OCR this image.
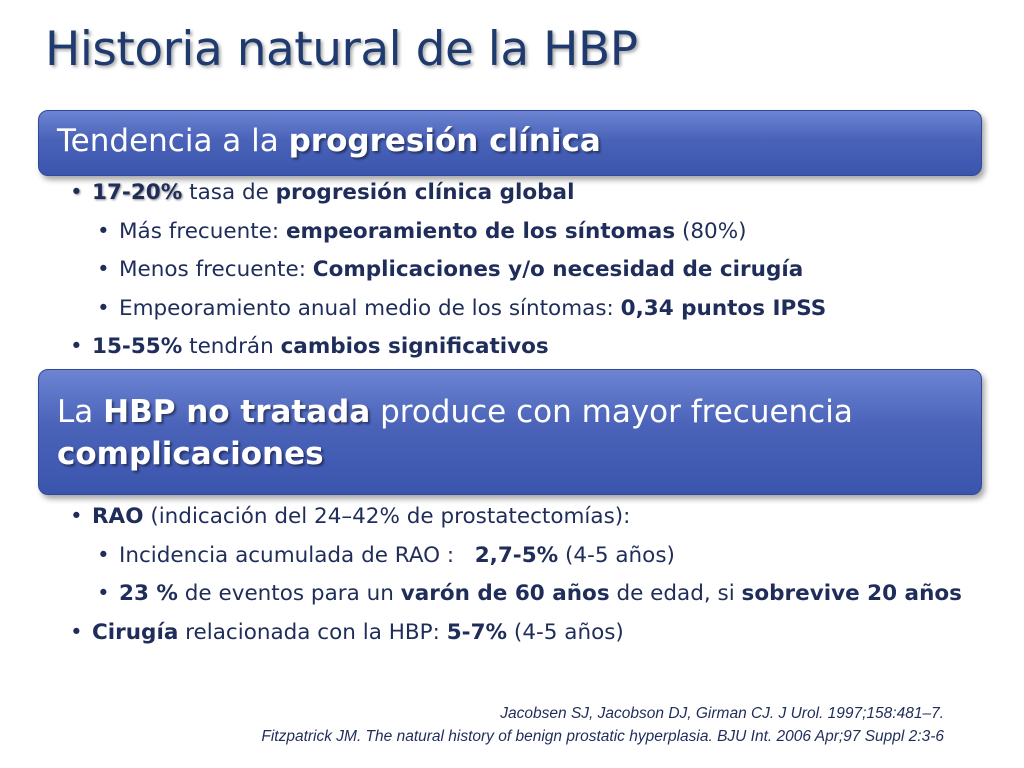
Historia natural de la HBP
Tendencia a la progresión clínica
• 17-20% tasa de progresión clínica global
• Más frecuente: empeoramiento de los síntomas (80%)
• Menos frecuente: Complicaciones y/o necesidad de cirugía
• Empeoramiento anual medio de los síntomas: 0,34 puntos IPSS
• 15-55% tendrán cambios significativos
La HBP no tratada produce con mayor frecuencia
complicaciones
• RAO (indicación del 24–42% de prostatectomías):
• Incidencia acumulada de RAO :   2,7-5% (4-5 años)
• 23 % de eventos para un varón de 60 años de edad, si sobrevive 20 años
• Cirugía relacionada con la HBP: 5-7% (4-5 años)
Jacobsen SJ, Jacobson DJ, Girman CJ. J Urol. 1997;158:481–7.
Fitzpatrick JM. The natural history of benign prostatic hyperplasia. BJU Int. 2006 Apr;97 Suppl 2:3-6
